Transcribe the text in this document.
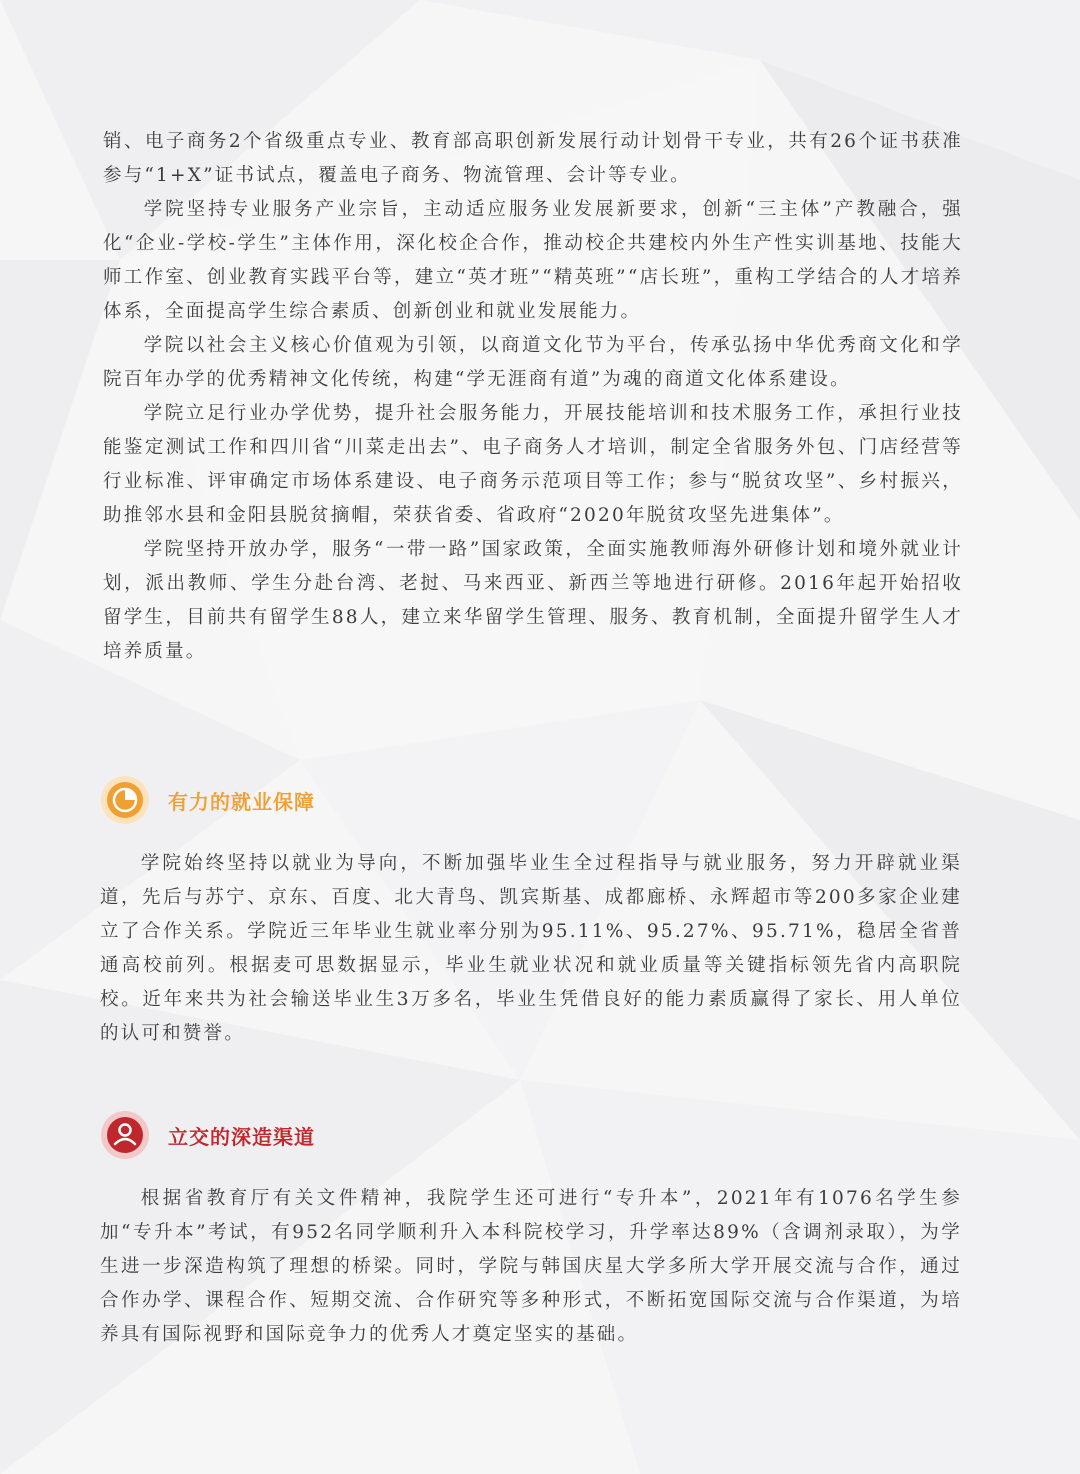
销、电子商务2个省级重点专业、教育部高职创新发展行动计划骨干专业，共有26个证书获准参与“1+X”证书试点，覆盖电子商务、物流管理、会计等专业。

学院坚持专业服务产业宗旨，主动适应服务业发展新要求，创新“三主体”产教融合，强化“企业-学校-学生”主体作用，深化校企合作，推动校企共建校内外生产性实训基地、技能大师工作室、创业教育实践平台等，建立“英才班”“精英班”“店长班”，重构工学结合的人才培养体系，全面提高学生综合素质、创新创业和就业发展能力。

学院以社会主义核心价值观为引领，以商道文化节为平台，传承弘扬中华优秀商文化和学院百年办学的优秀精神文化传统，构建“学无涯商有道”为魂的商道文化体系建设。

学院立足行业办学优势，提升社会服务能力，开展技能培训和技术服务工作，承担行业技能鉴定测试工作和四川省“川菜走出去”、电子商务人才培训，制定全省服务外包、门店经营等行业标准、评审确定市场体系建设、电子商务示范项目等工作；参与“脱贫攻坚”、乡村振兴，助推邻水县和金阳县脱贫摘帽，荣获省委、省政府“2020年脱贫攻坚先进集体”。

学院坚持开放办学，服务“一带一路”国家政策，全面实施教师海外研修计划和境外就业计划，派出教师、学生分赴台湾、老挝、马来西亚、新西兰等地进行研修。2016年起开始招收留学生，目前共有留学生88人，建立来华留学生管理、服务、教育机制，全面提升留学生人才培养质量。

有力的就业保障

学院始终坚持以就业为导向，不断加强毕业生全过程指导与就业服务，努力开辟就业渠道，先后与苏宁、京东、百度、北大青鸟、凯宾斯基、成都廊桥、永辉超市等200多家企业建立了合作关系。学院近三年毕业生就业率分别为95.11%、95.27%、95.71%，稳居全省普通高校前列。根据麦可思数据显示，毕业生就业状况和就业质量等关键指标领先省内高职院校。近年来共为社会输送毕业生3万多名，毕业生凭借良好的能力素质赢得了家长、用人单位的认可和赞誉。

立交的深造渠道

根据省教育厅有关文件精神，我院学生还可进行“专升本”，2021年有1076名学生参加“专升本”考试，有952名同学顺利升入本科院校学习，升学率达89%（含调剂录取），为学生进一步深造构筑了理想的桥梁。同时，学院与韩国庆星大学多所大学开展交流与合作，通过合作办学、课程合作、短期交流、合作研究等多种形式，不断拓宽国际交流与合作渠道，为培养具有国际视野和国际竞争力的优秀人才奠定坚实的基础。
